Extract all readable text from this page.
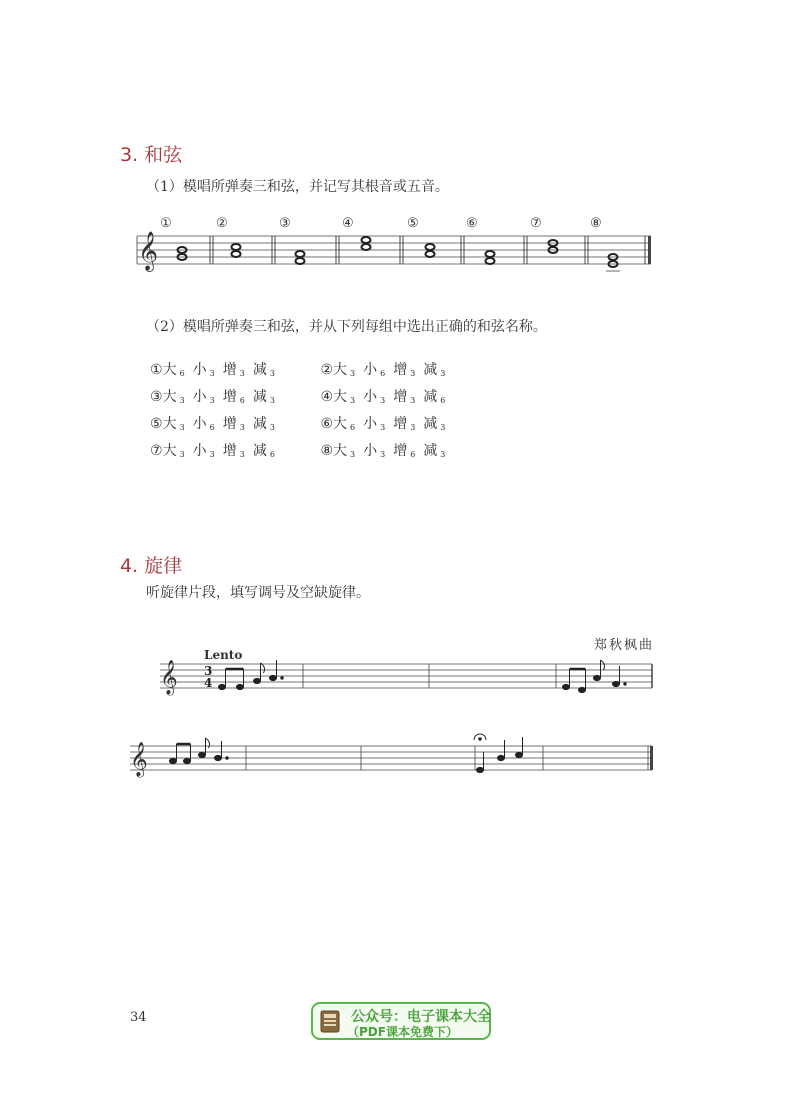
3. 和弦
（1）模唱所弹奏三和弦，并记写其根音或五音。
①	②	③	④	⑤	⑥	⑦	⑧
𝄞
（2）模唱所弹奏三和弦，并从下列每组中选出正确的和弦名称。
①大 $_6$ 小 $_3$ 增 $_3$ 减 $_3$	②大 $_3$ 小 $_6$ 增 $_3$ 减 $_3$
③大 $_3$ 小 $_3$ 增 $_6$ 减 $_3$	④大 $_3$ 小 $_3$ 增 $_3$ 减 $_6$
⑤大 $_3$ 小 $_6$ 增 $_3$ 减 $_3$	⑥大 $_6$ 小 $_3$ 增 $_3$ 减 $_3$
⑦大 $_3$ 小 $_3$ 增 $_3$ 减 $_6$	⑧大 $_3$ 小 $_3$ 增 $_6$ 减 $_3$
4. 旋律
听旋律片段，填写调号及空缺旋律。
郑秋枫曲
Lento
𝄞 3
4
𝄞
34	公众号：电子课本大全
（PDF课本免费下）
